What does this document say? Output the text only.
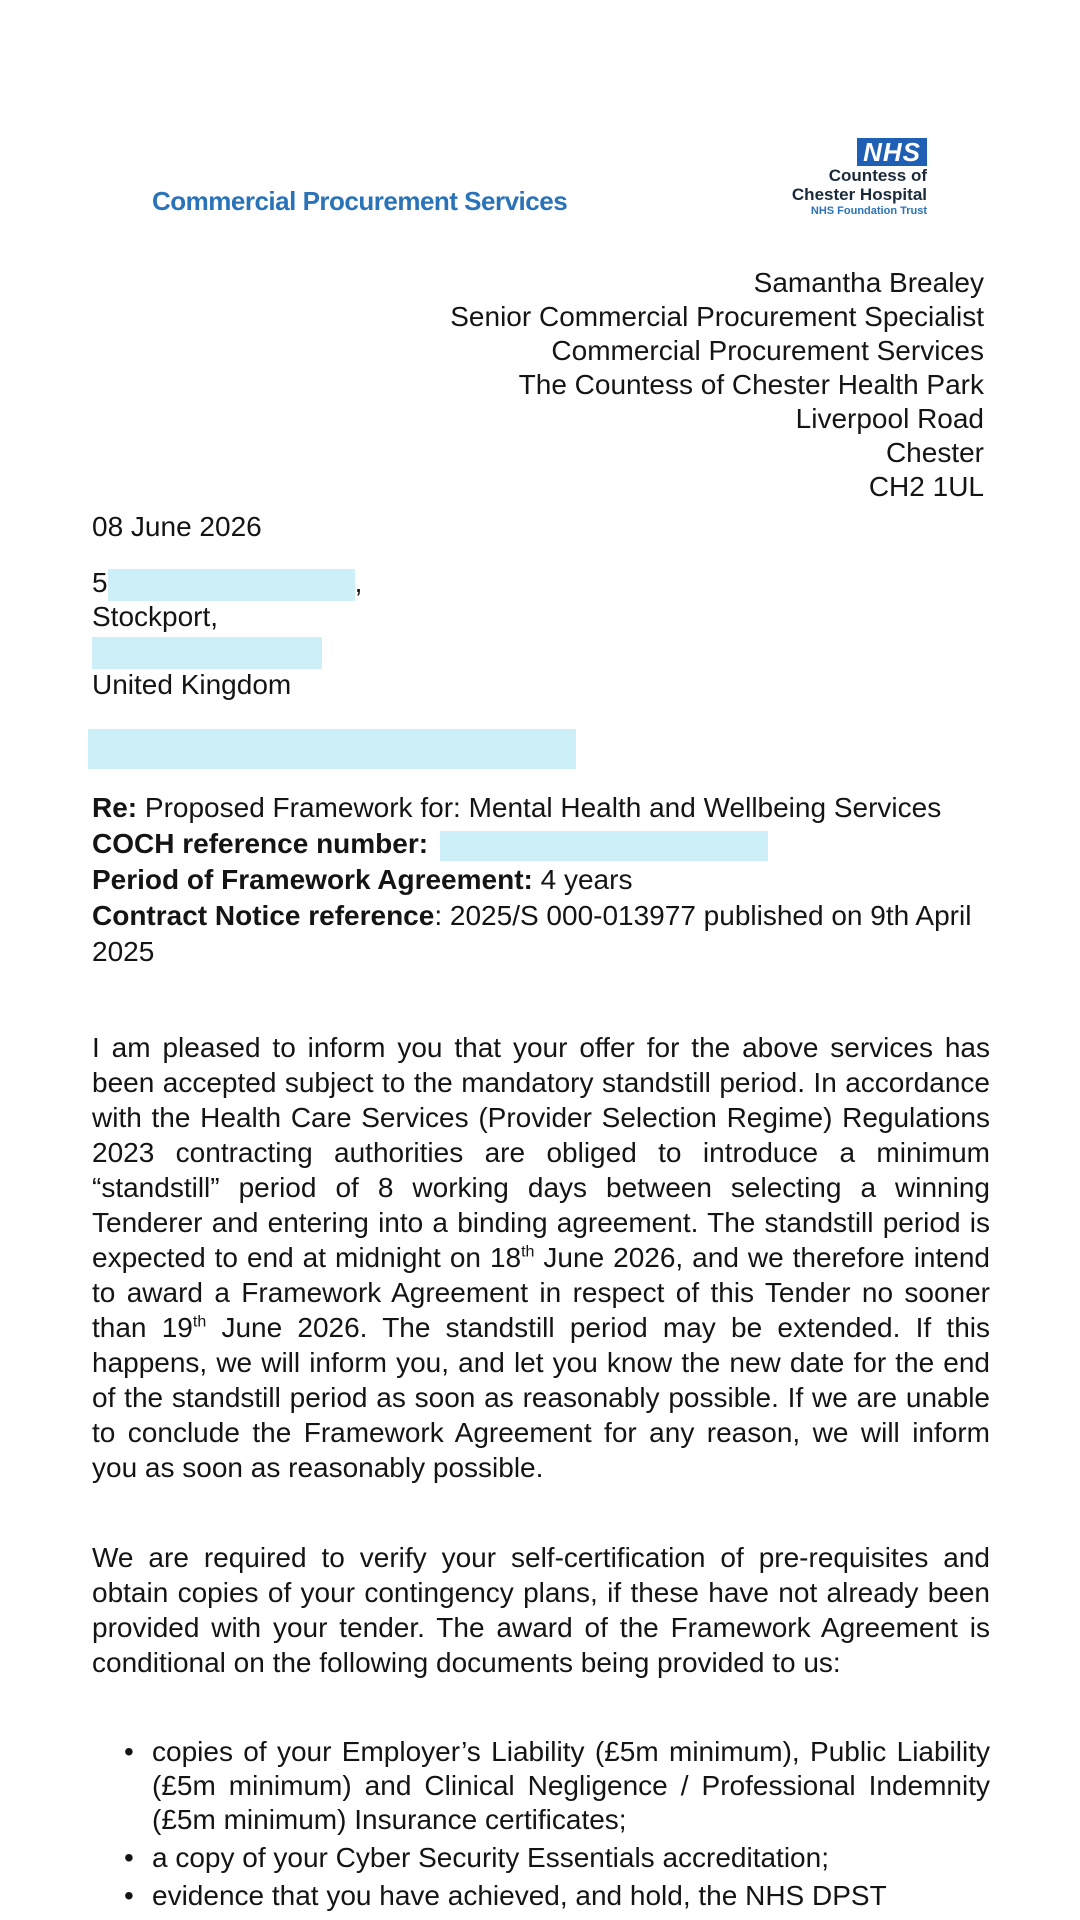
Commercial Procurement Services
NHS
Countess of
Chester Hospital
NHS Foundation Trust
Samantha Brealey
Senior Commercial Procurement Specialist
Commercial Procurement Services
The Countess of Chester Health Park
Liverpool Road
Chester
CH2 1UL
08 June 2026
5	,
Stockport,
United Kingdom
Re: Proposed Framework for: Mental Health and Wellbeing Services
COCH reference number:
Period of Framework Agreement: 4 years
Contract Notice reference: 2025/S 000-013977 published on 9th April 2025
I am pleased to inform you that your offer for the above services has been accepted subject to the mandatory standstill period. In accordance with the Health Care Services (Provider Selection Regime) Regulations 2023 contracting authorities are obliged to introduce a minimum “standstill” period of 8 working days between selecting a winning Tenderer and entering into a binding agreement. The standstill period is expected to end at midnight on 18th June 2026, and we therefore intend to award a Framework Agreement in respect of this Tender no sooner than 19th June 2026. The standstill period may be extended. If this happens, we will inform you, and let you know the new date for the end of the standstill period as soon as reasonably possible. If we are unable to conclude the Framework Agreement for any reason, we will inform you as soon as reasonably possible.
We are required to verify your self-certification of pre-requisites and obtain copies of your contingency plans, if these have not already been provided with your tender. The award of the Framework Agreement is conditional on the following documents being provided to us:
• copies of your Employer’s Liability (£5m minimum), Public Liability (£5m minimum) and Clinical Negligence / Professional Indemnity (£5m minimum) Insurance certificates;
• a copy of your Cyber Security Essentials accreditation;
• evidence that you have achieved, and hold, the NHS DPST
